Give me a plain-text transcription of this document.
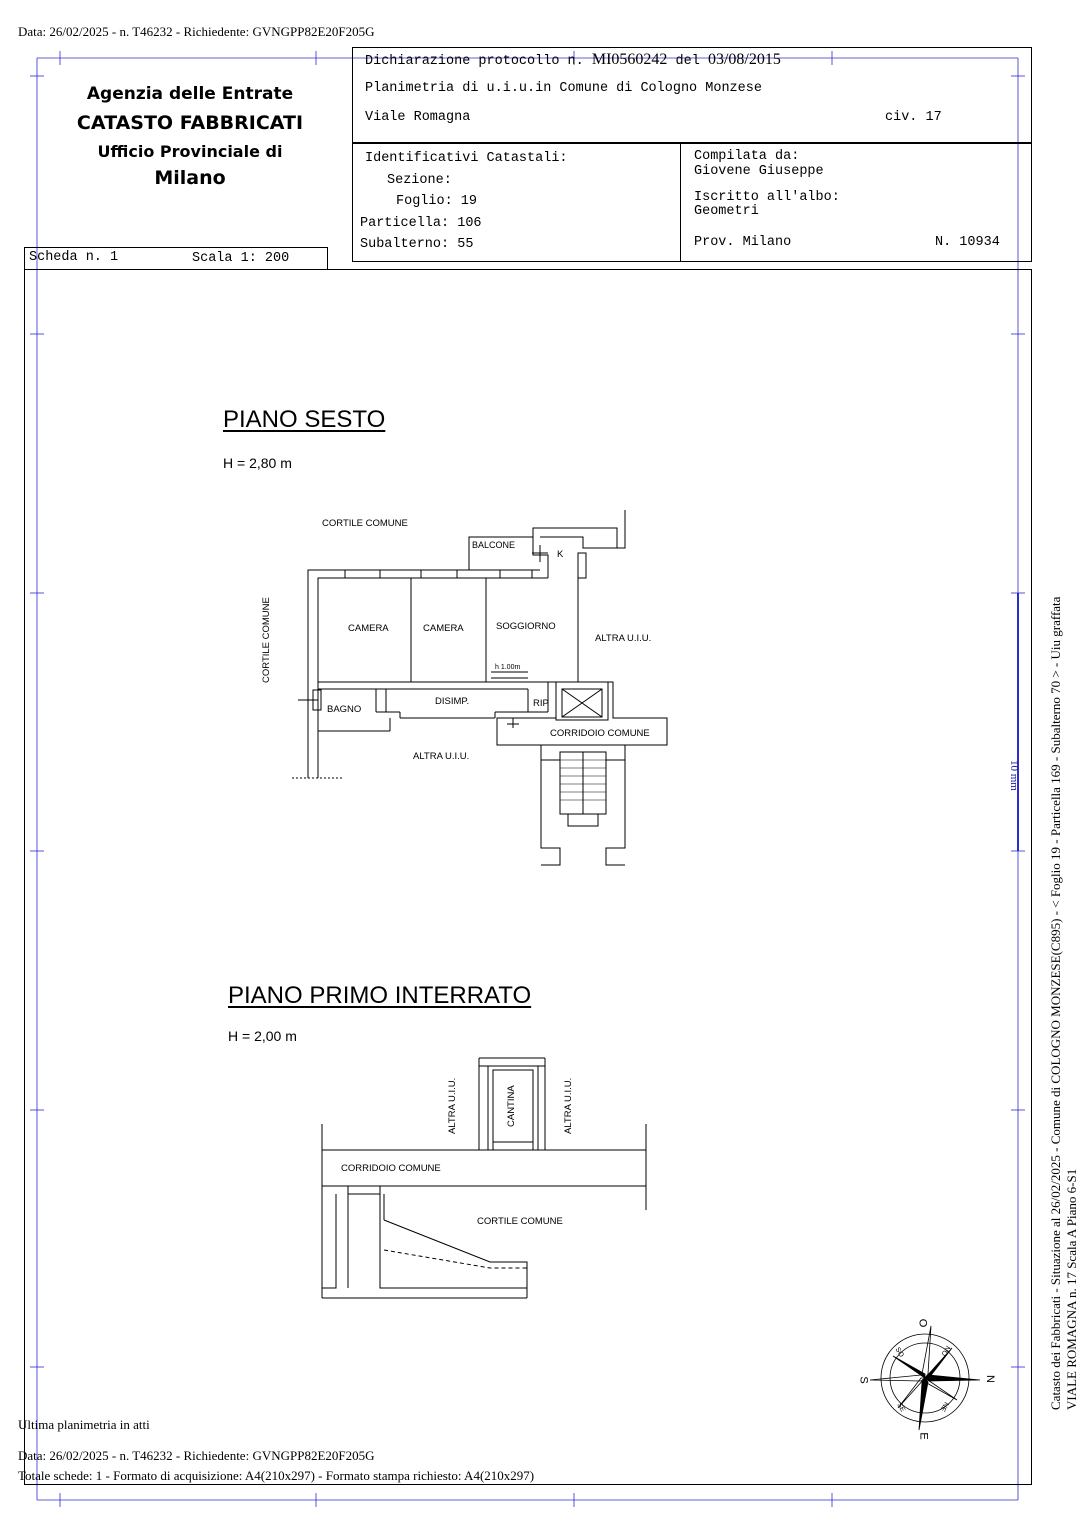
Data: 26/02/2025 - n. T46232 - Richiedente: GVNGPP82E20F205G
Agenzia delle Entrate
CATASTO FABBRICATI
Ufficio Provinciale di
Milano
Dichiarazione protocollo n. MI0560242 del 03/08/2015
Planimetria di u.i.u.in Comune di Cologno Monzese
Viale Romagna	civ. 17
Identificativi Catastali:
Sezione:
Foglio: 19
Particella: 106
Subalterno: 55
Compilata da:
Giovene Giuseppe
Iscritto all'albo:
Geometri
Prov. Milano	N. 10934
Scheda n. 1	Scala 1: 200
PIANO SESTO
H = 2,80 m
CORTILE COMUNE
CORTILE COMUNE
BALCONE
K
CAMERA	CAMERA	SOGGIORNO
ALTRA U.I.U.
h 1.00m
BAGNO
DISIMP.	RIP
CORRIDOIO COMUNE
ALTRA U.I.U.
PIANO PRIMO INTERRATO
H = 2,00 m
ALTRA U.I.U.	CANTINA	ALTRA U.I.U.
CORRIDOIO COMUNE
CORTILE COMUNE
O
N
S
E
SO	NO
SE	NE
10 mm Catasto dei Fabbricati - Situazione al 26/02/2025 - Comune di COLOGNO MONZESE(C895) - < Foglio 19 - Particella 169 - Subalterno 70 > - Uiu graffata VIALE ROMAGNA n. 17 Scala A Piano 6-S1
Ultima planimetria in atti
Data: 26/02/2025 - n. T46232 - Richiedente: GVNGPP82E20F205G
Totale schede: 1 - Formato di acquisizione: A4(210x297) - Formato stampa richiesto: A4(210x297)
